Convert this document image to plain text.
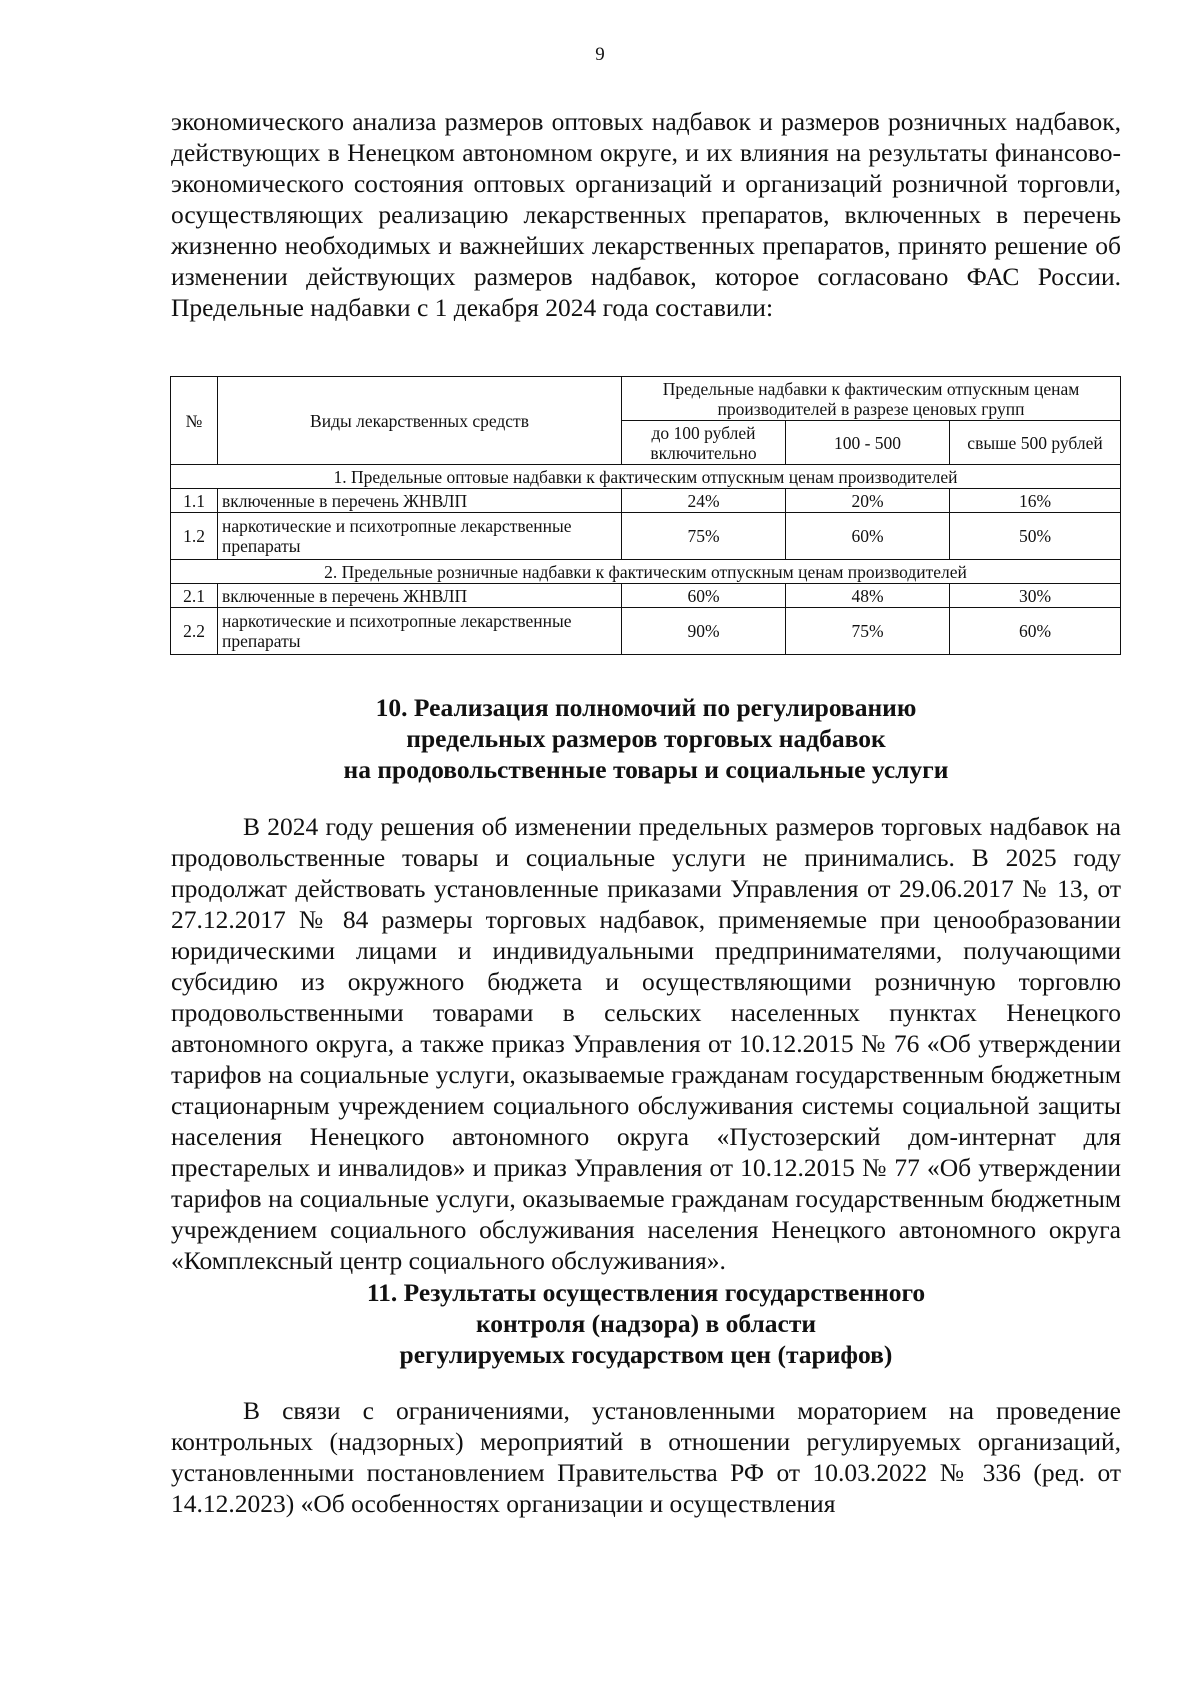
9

экономического анализа размеров оптовых надбавок и размеров розничных надбавок, действующих в Ненецком автономном округе, и их влияния на результаты финансово-экономического состояния оптовых организаций и организаций розничной торговли, осуществляющих реализацию лекарственных препаратов, включенных в перечень жизненно необходимых и важнейших лекарственных препаратов, принято решение об изменении действующих размеров надбавок, которое согласовано ФАС России. Предельные надбавки с 1 декабря 2024 года составили:

№	Виды лекарственных средств	Предельные надбавки к фактическим отпускным ценам производителей в разрезе ценовых групп		
		до 100 рублей включительно	100 - 500	свыше 500 рублей
1. Предельные оптовые надбавки к фактическим отпускным ценам производителей				
1.1	включенные в перечень ЖНВЛП	24%	20%	16%
1.2	наркотические и психотропные лекарственные препараты	75%	60%	50%
2. Предельные розничные надбавки к фактическим отпускным ценам производителей				
2.1	включенные в перечень ЖНВЛП	60%	48%	30%
2.2	наркотические и психотропные лекарственные препараты	90%	75%	60%
10. Реализация полномочий по регулированию
предельных размеров торговых надбавок
на продовольственные товары и социальные услуги

В 2024 году решения об изменении предельных размеров торговых надбавок на продовольственные товары и социальные услуги не принимались. В 2025 году продолжат действовать установленные приказами Управления от 29.06.2017 № 13, от 27.12.2017 № 84 размеры торговых надбавок, применяемые при ценообразовании юридическими лицами и индивидуальными предпринимателями, получающими субсидию из окружного бюджета и осуществляющими розничную торговлю продовольственными товарами в сельских населенных пунктах Ненецкого автономного округа, а также приказ Управления от 10.12.2015 № 76 «Об утверждении тарифов на социальные услуги, оказываемые гражданам государственным бюджетным стационарным учреждением социального обслуживания системы социальной защиты населения Ненецкого автономного округа «Пустозерский дом-интернат для престарелых и инвалидов» и приказ Управления от 10.12.2015 № 77 «Об утверждении тарифов на социальные услуги, оказываемые гражданам государственным бюджетным учреждением социального обслуживания населения Ненецкого автономного округа «Комплексный центр социального обслуживания».

11. Результаты осуществления государственного
контроля (надзора) в области
регулируемых государством цен (тарифов)

В связи с ограничениями, установленными мораторием на проведение контрольных (надзорных) мероприятий в отношении регулируемых организаций, установленными постановлением Правительства РФ от 10.03.2022 № 336 (ред. от 14.12.2023) «Об особенностях организации и осуществления
